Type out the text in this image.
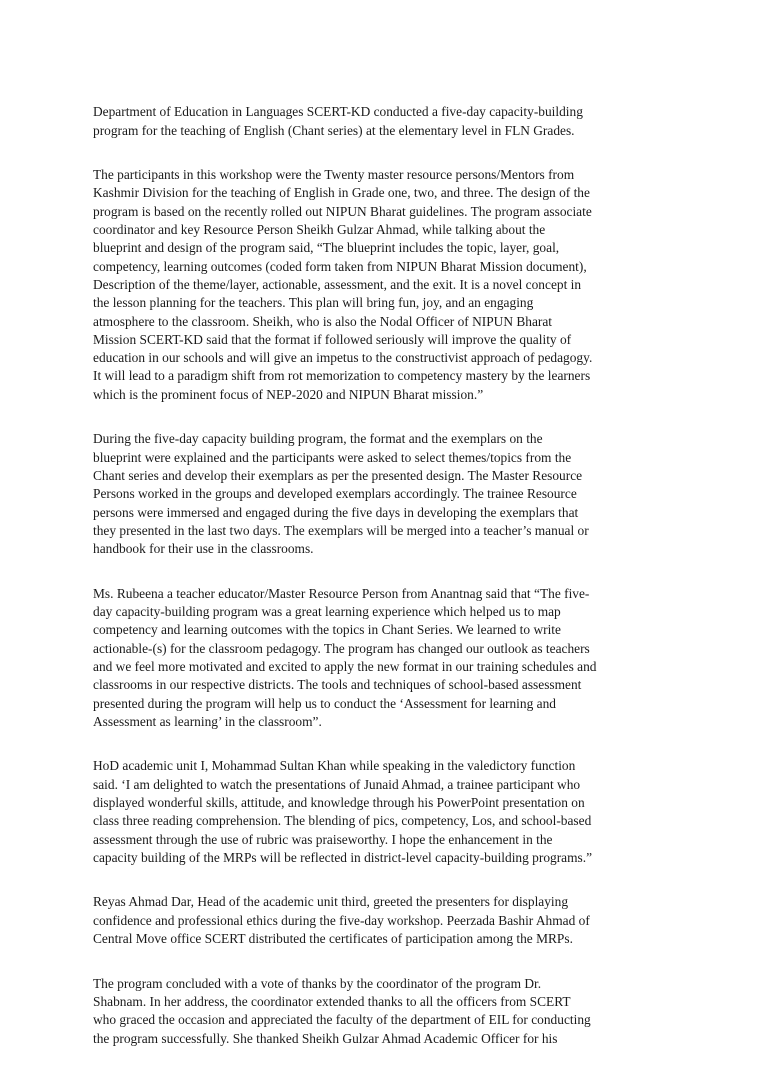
Department of Education in Languages SCERT-KD conducted a five-day capacity-building
program for the teaching of English (Chant series) at the elementary level in FLN Grades.

The participants in this workshop were the Twenty master resource persons/Mentors from
Kashmir Division for the teaching of English in Grade one, two, and three. The design of the
program is based on the recently rolled out NIPUN Bharat guidelines. The program associate
coordinator and key Resource Person Sheikh Gulzar Ahmad, while talking about the
blueprint and design of the program said, “The blueprint includes the topic, layer, goal,
competency, learning outcomes (coded form taken from NIPUN Bharat Mission document),
Description of the theme/layer, actionable, assessment, and the exit. It is a novel concept in
the lesson planning for the teachers. This plan will bring fun, joy, and an engaging
atmosphere to the classroom. Sheikh, who is also the Nodal Officer of NIPUN Bharat
Mission SCERT-KD said that the format if followed seriously will improve the quality of
education in our schools and will give an impetus to the constructivist approach of pedagogy.
It will lead to a paradigm shift from rot memorization to competency mastery by the learners
which is the prominent focus of NEP-2020 and NIPUN Bharat mission.”

During the five-day capacity building program, the format and the exemplars on the
blueprint were explained and the participants were asked to select themes/topics from the
Chant series and develop their exemplars as per the presented design. The Master Resource
Persons worked in the groups and developed exemplars accordingly. The trainee Resource
persons were immersed and engaged during the five days in developing the exemplars that
they presented in the last two days. The exemplars will be merged into a teacher’s manual or
handbook for their use in the classrooms.

Ms. Rubeena a teacher educator/Master Resource Person from Anantnag said that “The five-
day capacity-building program was a great learning experience which helped us to map
competency and learning outcomes with the topics in Chant Series. We learned to write
actionable-(s) for the classroom pedagogy. The program has changed our outlook as teachers
and we feel more motivated and excited to apply the new format in our training schedules and
classrooms in our respective districts. The tools and techniques of school-based assessment
presented during the program will help us to conduct the ‘Assessment for learning and
Assessment as learning’ in the classroom”.

HoD academic unit I, Mohammad Sultan Khan while speaking in the valedictory function
said. ‘I am delighted to watch the presentations of Junaid Ahmad, a trainee participant who
displayed wonderful skills, attitude, and knowledge through his PowerPoint presentation on
class three reading comprehension. The blending of pics, competency, Los, and school-based
assessment through the use of rubric was praiseworthy. I hope the enhancement in the
capacity building of the MRPs will be reflected in district-level capacity-building programs.”

Reyas Ahmad Dar, Head of the academic unit third, greeted the presenters for displaying
confidence and professional ethics during the five-day workshop. Peerzada Bashir Ahmad of
Central Move office SCERT distributed the certificates of participation among the MRPs.

The program concluded with a vote of thanks by the coordinator of the program Dr.
Shabnam. In her address, the coordinator extended thanks to all the officers from SCERT
who graced the occasion and appreciated the faculty of the department of EIL for conducting
the program successfully. She thanked Sheikh Gulzar Ahmad Academic Officer for his
